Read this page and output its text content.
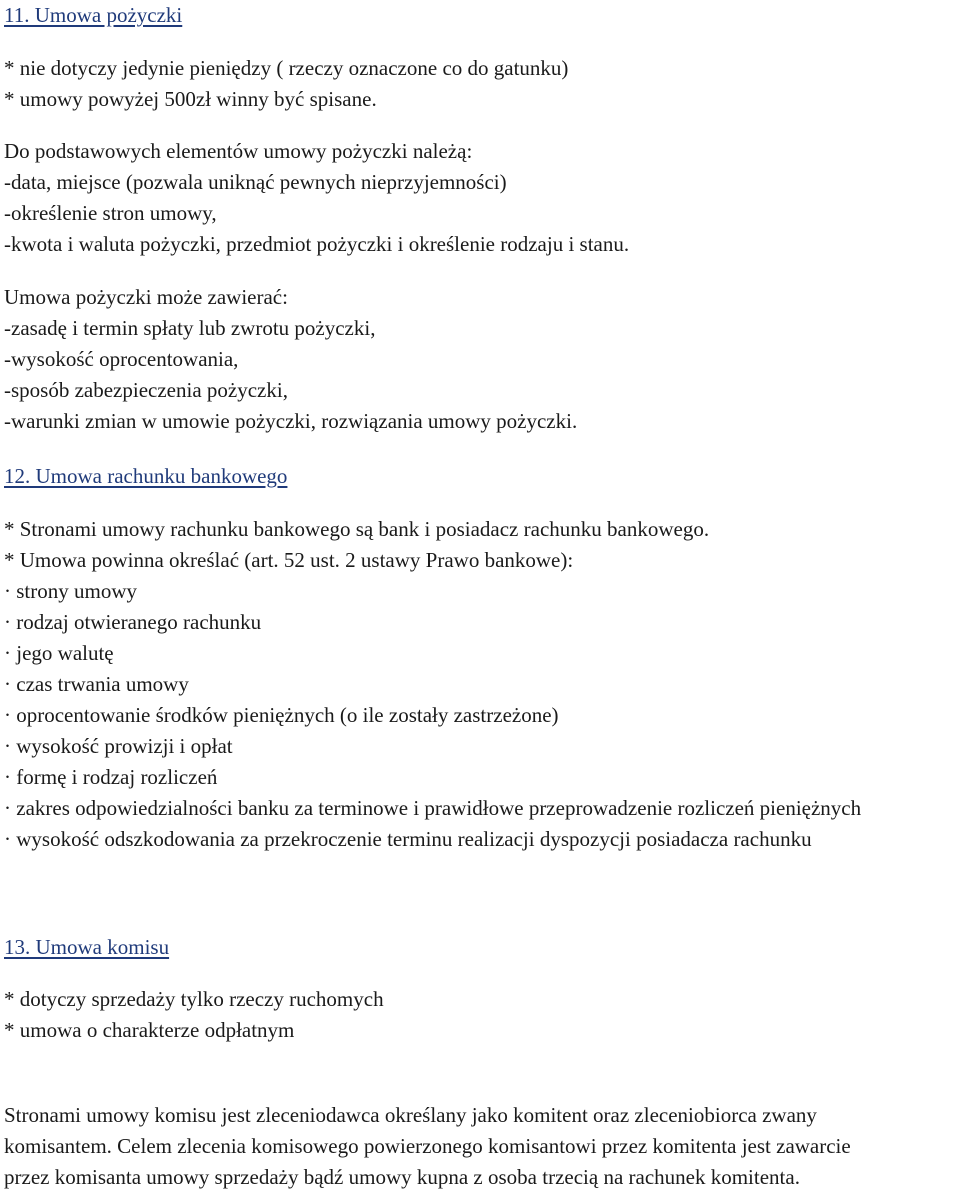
11. Umowa pożyczki
* nie dotyczy jedynie pieniędzy ( rzeczy oznaczone co do gatunku)
* umowy powyżej 500zł winny być spisane.
Do podstawowych elementów umowy pożyczki należą:
-data, miejsce (pozwala uniknąć pewnych nieprzyjemności)
-określenie stron umowy,
-kwota i waluta pożyczki, przedmiot pożyczki i określenie rodzaju i stanu.
Umowa pożyczki może zawierać:
-zasadę i termin spłaty lub zwrotu pożyczki,
-wysokość oprocentowania,
-sposób zabezpieczenia pożyczki,
-warunki zmian w umowie pożyczki, rozwiązania umowy pożyczki.
12. Umowa rachunku bankowego
* Stronami umowy rachunku bankowego są bank i posiadacz rachunku bankowego.
* Umowa powinna określać (art. 52 ust. 2 ustawy Prawo bankowe):
· strony umowy
· rodzaj otwieranego rachunku
· jego walutę
· czas trwania umowy
· oprocentowanie środków pieniężnych (o ile zostały zastrzeżone)
· wysokość prowizji i opłat
· formę i rodzaj rozliczeń
· zakres odpowiedzialności banku za terminowe i prawidłowe przeprowadzenie rozliczeń pieniężnych
· wysokość odszkodowania za przekroczenie terminu realizacji dyspozycji posiadacza rachunku
13. Umowa komisu
* dotyczy sprzedaży tylko rzeczy ruchomych
* umowa o charakterze odpłatnym
Stronami umowy komisu jest zleceniodawca określany jako komitent oraz zleceniobiorca zwany
komisantem. Celem zlecenia komisowego powierzonego komisantowi przez komitenta jest zawarcie
przez komisanta umowy sprzedaży bądź umowy kupna z osoba trzecią na rachunek komitenta.
